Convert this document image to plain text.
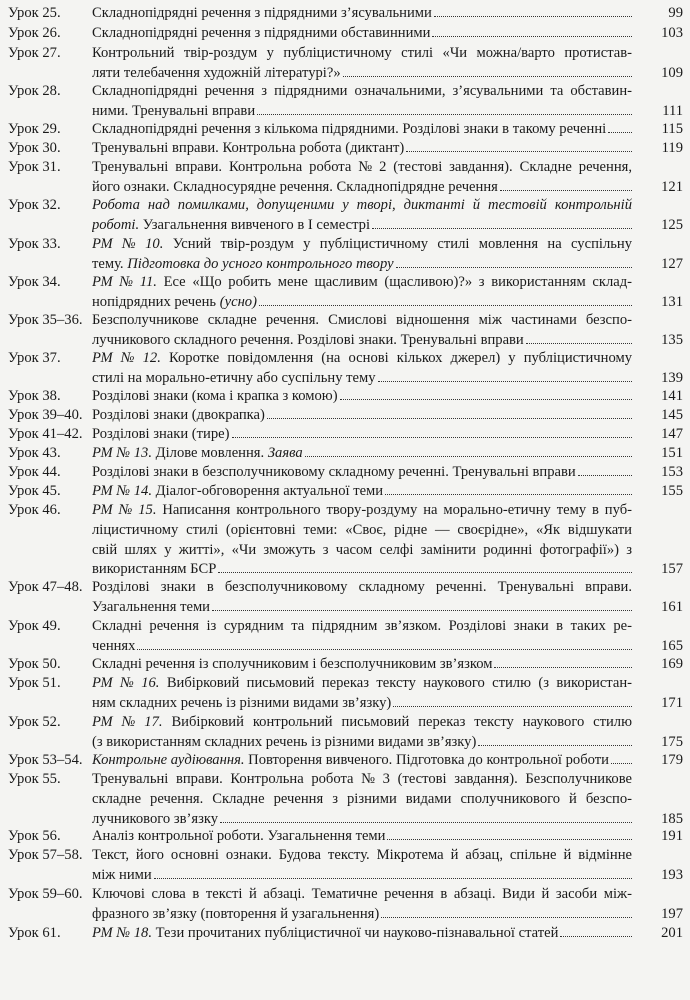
Урок 25. Складнопідрядні речення з підрядними з’ясувальними	99
Урок 26. Складнопідрядні речення з підрядними обставинними	103
Урок 27. Контрольний твір-роздум у публіцистичному стилі «Чи можна/варто протистав-
ляти телебачення художній літературі?»	109
Урок 28. Складнопідрядні речення з підрядними означальними, з’ясувальними та обставин-
ними. Тренувальні вправи	111
Урок 29. Складнопідрядні речення з кількома підрядними. Розділові знаки в такому реченні	115
Урок 30. Тренувальні вправи. Контрольна робота (диктант)	119
Урок 31. Тренувальні вправи. Контрольна робота № 2 (тестові завдання). Складне речення,
його ознаки. Складносурядне речення. Складнопідрядне речення	121
Урок 32. Робота над помилками, допущеними у творі, диктанті й тестовій контрольній
роботі. Узагальнення вивченого в І семестрі	125
Урок 33. РМ № 10. Усний твір-роздум у публіцистичному стилі мовлення на суспільну
тему. Підготовка до усного контрольного твору	127
Урок 34. РМ № 11. Есе «Що робить мене щасливим (щасливою)?» з використанням склад-
нопідрядних речень (усно)	131
Урок 35–36. Безсполучникове складне речення. Смислові відношення між частинами безспо-
лучникового складного речення. Розділові знаки. Тренувальні вправи	135
Урок 37. РМ № 12. Коротке повідомлення (на основі кількох джерел) у публіцистичному
стилі на морально-етичну або суспільну тему	139
Урок 38. Розділові знаки (кома і крапка з комою)	141
Урок 39–40. Розділові знаки (двокрапка)	145
Урок 41–42. Розділові знаки (тире)	147
Урок 43. РМ № 13. Ділове мовлення. Заява	151
Урок 44. Розділові знаки в безсполучниковому складному реченні. Тренувальні вправи	153
Урок 45. РМ № 14. Діалог-обговорення актуальної теми	155
Урок 46. РМ № 15. Написання контрольного твору-роздуму на морально-етичну тему в пуб-
ліцистичному стилі (орієнтовні теми: «Своє, рідне — своєрідне», «Як відшукати
свій шлях у житті», «Чи зможуть з часом селфі замінити родинні фотографії») з
використанням БСР	157
Урок 47–48. Розділові знаки в безсполучниковому складному реченні. Тренувальні вправи.
Узагальнення теми	161
Урок 49. Складні речення із сурядним та підрядним зв’язком. Розділові знаки в таких ре-
ченнях	165
Урок 50. Складні речення із сполучниковим і безсполучниковим зв’язком	169
Урок 51. РМ № 16. Вибірковий письмовий переказ тексту наукового стилю (з використан-
ням складних речень із різними видами зв’язку)	171
Урок 52. РМ № 17. Вибірковий контрольний письмовий переказ тексту наукового стилю
(з використанням складних речень із різними видами зв’язку)	175
Урок 53–54. Контрольне аудіювання. Повторення вивченого. Підготовка до контрольної роботи	179
Урок 55. Тренувальні вправи. Контрольна робота № 3 (тестові завдання). Безсполучникове
складне речення. Складне речення з різними видами сполучникового й безспо-
лучникового зв’язку	185
Урок 56. Аналіз контрольної роботи. Узагальнення теми	191
Урок 57–58. Текст, його основні ознаки. Будова тексту. Мікротема й абзац, спільне й відмінне
між ними	193
Урок 59–60. Ключові слова в тексті й абзаці. Тематичне речення в абзаці. Види й засоби між-
фразного зв’язку (повторення й узагальнення)	197
Урок 61. РМ № 18. Тези прочитаних публіцистичної чи науково-пізнавальної статей	201
